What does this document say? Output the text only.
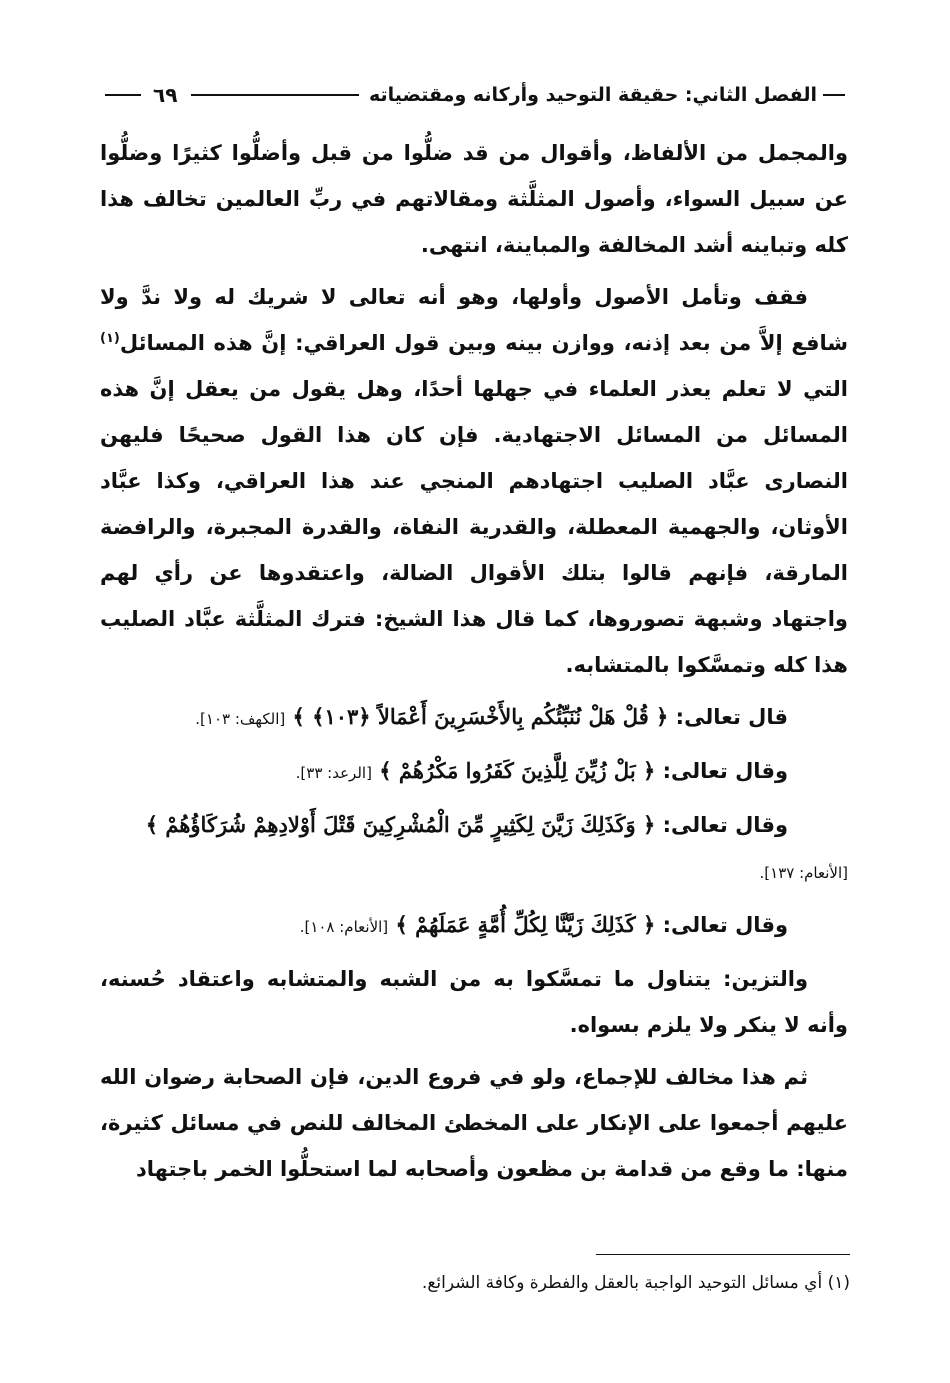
الفصل الثاني: حقيقة التوحيد وأركانه ومقتضياته
٦٩

والمجمل من الألفاظ، وأقوال من قد ضلُّوا من قبل وأضلُّوا كثيرًا وضلُّوا عن سبيل السواء، وأصول المثلَّثة ومقالاتهم في ربِّ العالمين تخالف هذا كله وتباينه أشد المخالفة والمباينة، انتهى.

فقف وتأمل الأصول وأولها، وهو أنه تعالى لا شريك له ولا ندَّ ولا شافع إلاَّ من بعد إذنه، ووازن بينه وبين قول العراقي: إنَّ هذه المسائل$^{(١)}$ التي لا تعلم يعذر العلماء في جهلها أحدًا، وهل يقول من يعقل إنَّ هذه المسائل من المسائل الاجتهادية. فإن كان هذا القول صحيحًا فليهن النصارى عبَّاد الصليب اجتهادهم المنجي عند هذا العراقي، وكذا عبَّاد الأوثان، والجهمية المعطلة، والقدرية النفاة، والقدرة المجبرة، والرافضة المارقة، فإنهم قالوا بتلك الأقوال الضالة، واعتقدوها عن رأي لهم واجتهاد وشبهة تصوروها، كما قال هذا الشيخ: فترك المثلَّثة عبَّاد الصليب هذا كله وتمسَّكوا بالمتشابه.

قال تعالى: ﴿ قُلْ هَلْ نُنَبِّئُكُم بِالأَخْسَرِينَ أَعْمَالاً ﴿١٠٣﴾ ﴾ [الكهف: ١٠٣].

وقال تعالى: ﴿ بَلْ زُيِّنَ لِلَّذِينَ كَفَرُوا مَكْرُهُمْ ﴾ [الرعد: ٣٣].

وقال تعالى: ﴿ وَكَذَلِكَ زَيَّنَ لِكَثِيرٍ مِّنَ الْمُشْرِكِينَ قَتْلَ أَوْلادِهِمْ شُرَكَاؤُهُمْ ﴾ [الأنعام: ١٣٧].

وقال تعالى: ﴿ كَذَلِكَ زَيَّنَّا لِكُلِّ أُمَّةٍ عَمَلَهُمْ ﴾ [الأنعام: ١٠٨].

والتزين: يتناول ما تمسَّكوا به من الشبه والمتشابه واعتقاد حُسنه، وأنه لا ينكر ولا يلزم بسواه.

ثم هذا مخالف للإجماع، ولو في فروع الدين، فإن الصحابة رضوان الله عليهم أجمعوا على الإنكار على المخطئ المخالف للنص في مسائل كثيرة، منها: ما وقع من قدامة بن مظعون وأصحابه لما استحلُّوا الخمر باجتهاد

(١) أي مسائل التوحيد الواجبة بالعقل والفطرة وكافة الشرائع.
